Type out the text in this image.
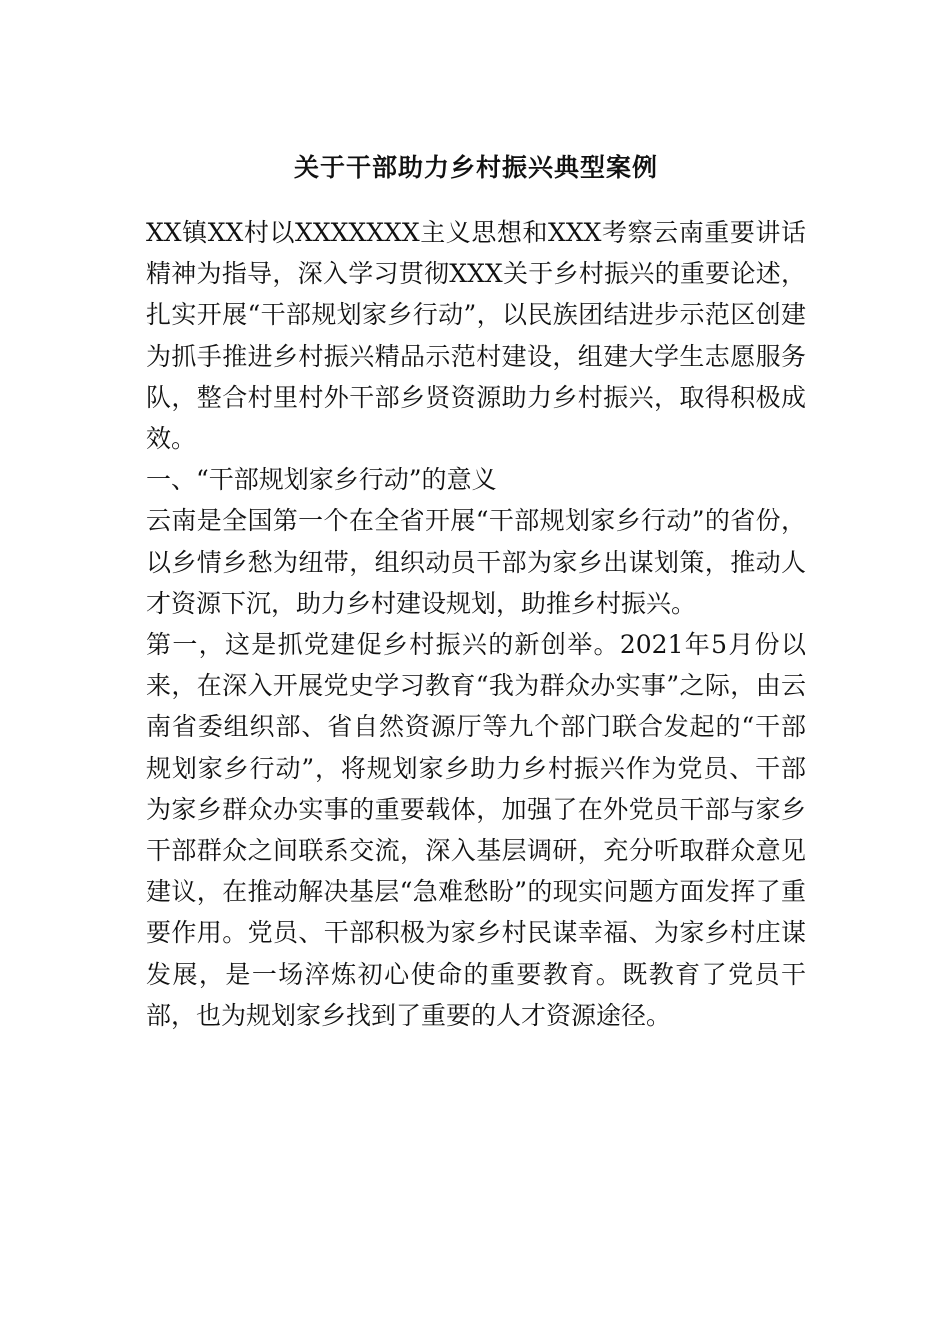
关于干部助力乡村振兴典型案例

XX镇XX村以XXXXXXX主义思想和XXX考察云南重要讲话精神为指导，深入学习贯彻XXX关于乡村振兴的重要论述，扎实开展“干部规划家乡行动”，以民族团结进步示范区创建为抓手推进乡村振兴精品示范村建设，组建大学生志愿服务队，整合村里村外干部乡贤资源助力乡村振兴，取得积极成效。

一、“干部规划家乡行动”的意义

云南是全国第一个在全省开展“干部规划家乡行动”的省份，以乡情乡愁为纽带，组织动员干部为家乡出谋划策，推动人才资源下沉，助力乡村建设规划，助推乡村振兴。

第一，这是抓党建促乡村振兴的新创举。2021年5月份以来，在深入开展党史学习教育“我为群众办实事”之际，由云南省委组织部、省自然资源厅等九个部门联合发起的“干部规划家乡行动”，将规划家乡助力乡村振兴作为党员、干部为家乡群众办实事的重要载体，加强了在外党员干部与家乡干部群众之间联系交流，深入基层调研，充分听取群众意见建议，在推动解决基层“急难愁盼”的现实问题方面发挥了重要作用。党员、干部积极为家乡村民谋幸福、为家乡村庄谋发展，是一场淬炼初心使命的重要教育。既教育了党员干部，也为规划家乡找到了重要的人才资源途径。
